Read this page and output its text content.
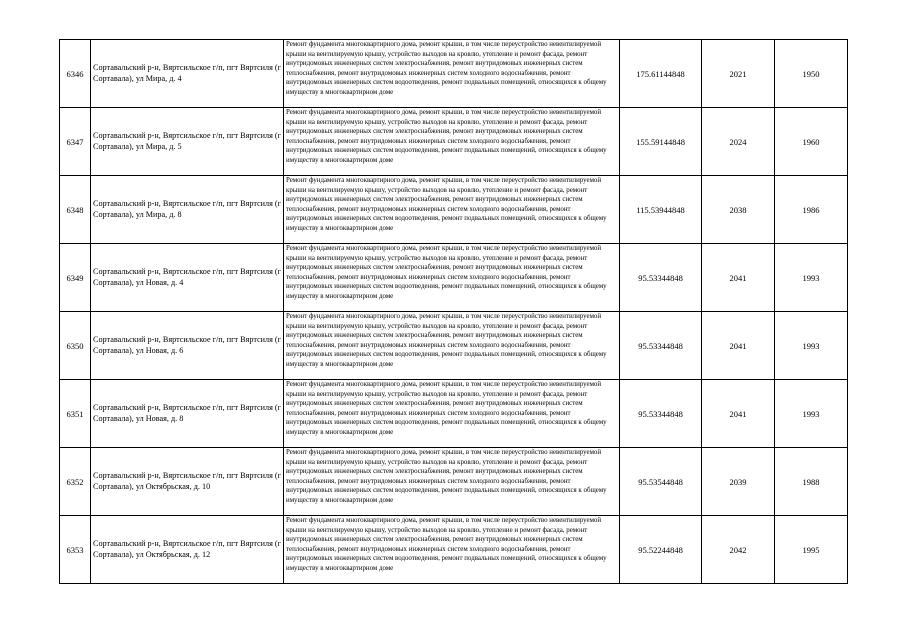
6346	Сортавальский р-н, Вяртсильское г/п, пгт Вяртсиля (г Сортавала), ул Мира, д. 4	Ремонт фундамента многоквартирного дома, ремонт крыши, в том числе переустройство невентилируемой крыши на вентилируемую крышу, устройство выходов на кровлю, утепление и ремонт фасада, ремонт внутридомовых инженерных систем электроснабжения, ремонт внутридомовых инженерных систем теплоснабжения, ремонт внутридомовых инженерных систем холодного водоснабжения, ремонт внутридомовых инженерных систем водоотведения, ремонт подвальных помещений, относящихся к общему имуществу в многоквартирном доме	175.61144848	2021	1950
6347	Сортавальский р-н, Вяртсильское г/п, пгт Вяртсиля (г Сортавала), ул Мира, д. 5	Ремонт фундамента многоквартирного дома, ремонт крыши, в том числе переустройство невентилируемой крыши на вентилируемую крышу, устройство выходов на кровлю, утепление и ремонт фасада, ремонт внутридомовых инженерных систем электроснабжения, ремонт внутридомовых инженерных систем теплоснабжения, ремонт внутридомовых инженерных систем холодного водоснабжения, ремонт внутридомовых инженерных систем водоотведения, ремонт подвальных помещений, относящихся к общему имуществу в многоквартирном доме	155.59144848	2024	1960
6348	Сортавальский р-н, Вяртсильское г/п, пгт Вяртсиля (г Сортавала), ул Мира, д. 8	Ремонт фундамента многоквартирного дома, ремонт крыши, в том числе переустройство невентилируемой крыши на вентилируемую крышу, устройство выходов на кровлю, утепление и ремонт фасада, ремонт внутридомовых инженерных систем электроснабжения, ремонт внутридомовых инженерных систем теплоснабжения, ремонт внутридомовых инженерных систем холодного водоснабжения, ремонт внутридомовых инженерных систем водоотведения, ремонт подвальных помещений, относящихся к общему имуществу в многоквартирном доме	115.53944848	2038	1986
6349	Сортавальский р-н, Вяртсильское г/п, пгт Вяртсиля (г Сортавала), ул Новая, д. 4	Ремонт фундамента многоквартирного дома, ремонт крыши, в том числе переустройство невентилируемой крыши на вентилируемую крышу, устройство выходов на кровлю, утепление и ремонт фасада, ремонт внутридомовых инженерных систем электроснабжения, ремонт внутридомовых инженерных систем теплоснабжения, ремонт внутридомовых инженерных систем холодного водоснабжения, ремонт внутридомовых инженерных систем водоотведения, ремонт подвальных помещений, относящихся к общему имуществу в многоквартирном доме	95.53344848	2041	1993
6350	Сортавальский р-н, Вяртсильское г/п, пгт Вяртсиля (г Сортавала), ул Новая, д. 6	Ремонт фундамента многоквартирного дома, ремонт крыши, в том числе переустройство невентилируемой крыши на вентилируемую крышу, устройство выходов на кровлю, утепление и ремонт фасада, ремонт внутридомовых инженерных систем электроснабжения, ремонт внутридомовых инженерных систем теплоснабжения, ремонт внутридомовых инженерных систем холодного водоснабжения, ремонт внутридомовых инженерных систем водоотведения, ремонт подвальных помещений, относящихся к общему имуществу в многоквартирном доме	95.53344848	2041	1993
6351	Сортавальский р-н, Вяртсильское г/п, пгт Вяртсиля (г Сортавала), ул Новая, д. 8	Ремонт фундамента многоквартирного дома, ремонт крыши, в том числе переустройство невентилируемой крыши на вентилируемую крышу, устройство выходов на кровлю, утепление и ремонт фасада, ремонт внутридомовых инженерных систем электроснабжения, ремонт внутридомовых инженерных систем теплоснабжения, ремонт внутридомовых инженерных систем холодного водоснабжения, ремонт внутридомовых инженерных систем водоотведения, ремонт подвальных помещений, относящихся к общему имуществу в многоквартирном доме	95.53344848	2041	1993
6352	Сортавальский р-н, Вяртсильское г/п, пгт Вяртсиля (г Сортавала), ул Октябрьская, д. 10	Ремонт фундамента многоквартирного дома, ремонт крыши, в том числе переустройство невентилируемой крыши на вентилируемую крышу, устройство выходов на кровлю, утепление и ремонт фасада, ремонт внутридомовых инженерных систем электроснабжения, ремонт внутридомовых инженерных систем теплоснабжения, ремонт внутридомовых инженерных систем холодного водоснабжения, ремонт внутридомовых инженерных систем водоотведения, ремонт подвальных помещений, относящихся к общему имуществу в многоквартирном доме	95.53544848	2039	1988
6353	Сортавальский р-н, Вяртсильское г/п, пгт Вяртсиля (г Сортавала), ул Октябрьская, д. 12	Ремонт фундамента многоквартирного дома, ремонт крыши, в том числе переустройство невентилируемой крыши на вентилируемую крышу, устройство выходов на кровлю, утепление и ремонт фасада, ремонт внутридомовых инженерных систем электроснабжения, ремонт внутридомовых инженерных систем теплоснабжения, ремонт внутридомовых инженерных систем холодного водоснабжения, ремонт внутридомовых инженерных систем водоотведения, ремонт подвальных помещений, относящихся к общему имуществу в многоквартирном доме	95.52244848	2042	1995
